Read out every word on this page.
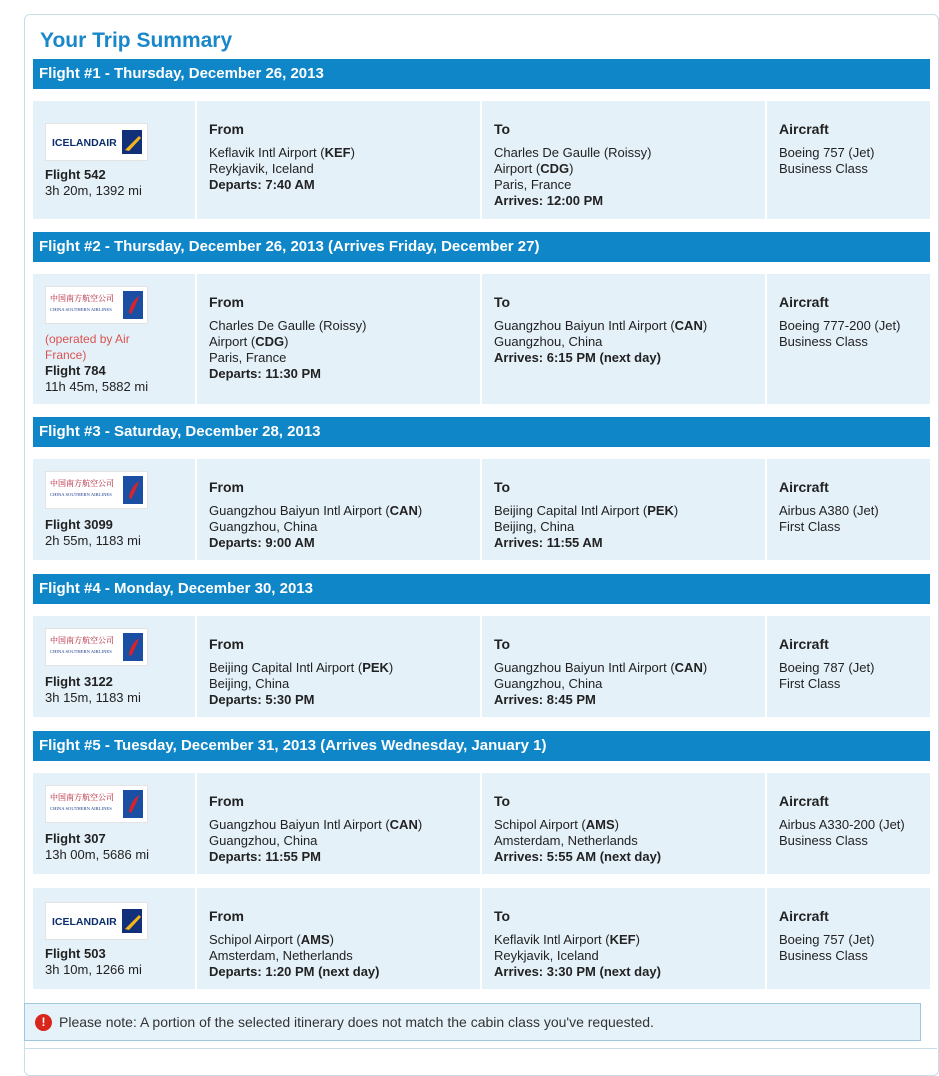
Your Trip Summary
Flight #1 - Thursday, December 26, 2013
ICELANDAIR
Flight 542
3h 20m, 1392 mi
From
Keflavik Intl Airport (KEF)
Reykjavik, Iceland
Departs: 7:40 AM
To
Charles De Gaulle (Roissy)
Airport (CDG)
Paris, France
Arrives: 12:00 PM
Aircraft
Boeing 757 (Jet)
Business Class
Flight #2 - Thursday, December 26, 2013 (Arrives Friday, December 27)
中国南方航空公司
CHINA SOUTHERN AIRLINES
(operated by Air France)
Flight 784
11h 45m, 5882 mi
From
Charles De Gaulle (Roissy)
Airport (CDG)
Paris, France
Departs: 11:30 PM
To
Guangzhou Baiyun Intl Airport (CAN)
Guangzhou, China
Arrives: 6:15 PM (next day)
Aircraft
Boeing 777-200 (Jet)
Business Class
Flight #3 - Saturday, December 28, 2013
中国南方航空公司
CHINA SOUTHERN AIRLINES
Flight 3099
2h 55m, 1183 mi
From
Guangzhou Baiyun Intl Airport (CAN)
Guangzhou, China
Departs: 9:00 AM
To
Beijing Capital Intl Airport (PEK)
Beijing, China
Arrives: 11:55 AM
Aircraft
Airbus A380 (Jet)
First Class
Flight #4 - Monday, December 30, 2013
中国南方航空公司
CHINA SOUTHERN AIRLINES
Flight 3122
3h 15m, 1183 mi
From
Beijing Capital Intl Airport (PEK)
Beijing, China
Departs: 5:30 PM
To
Guangzhou Baiyun Intl Airport (CAN)
Guangzhou, China
Arrives: 8:45 PM
Aircraft
Boeing 787 (Jet)
First Class
Flight #5 - Tuesday, December 31, 2013 (Arrives Wednesday, January 1)
中国南方航空公司
CHINA SOUTHERN AIRLINES
Flight 307
13h 00m, 5686 mi
From
Guangzhou Baiyun Intl Airport (CAN)
Guangzhou, China
Departs: 11:55 PM
To
Schipol Airport (AMS)
Amsterdam, Netherlands
Arrives: 5:55 AM (next day)
Aircraft
Airbus A330-200 (Jet)
Business Class
ICELANDAIR
Flight 503
3h 10m, 1266 mi
From
Schipol Airport (AMS)
Amsterdam, Netherlands
Departs: 1:20 PM (next day)
To
Keflavik Intl Airport (KEF)
Reykjavik, Iceland
Arrives: 3:30 PM (next day)
Aircraft
Boeing 757 (Jet)
Business Class
! Please note: A portion of the selected itinerary does not match the cabin class you've requested.
